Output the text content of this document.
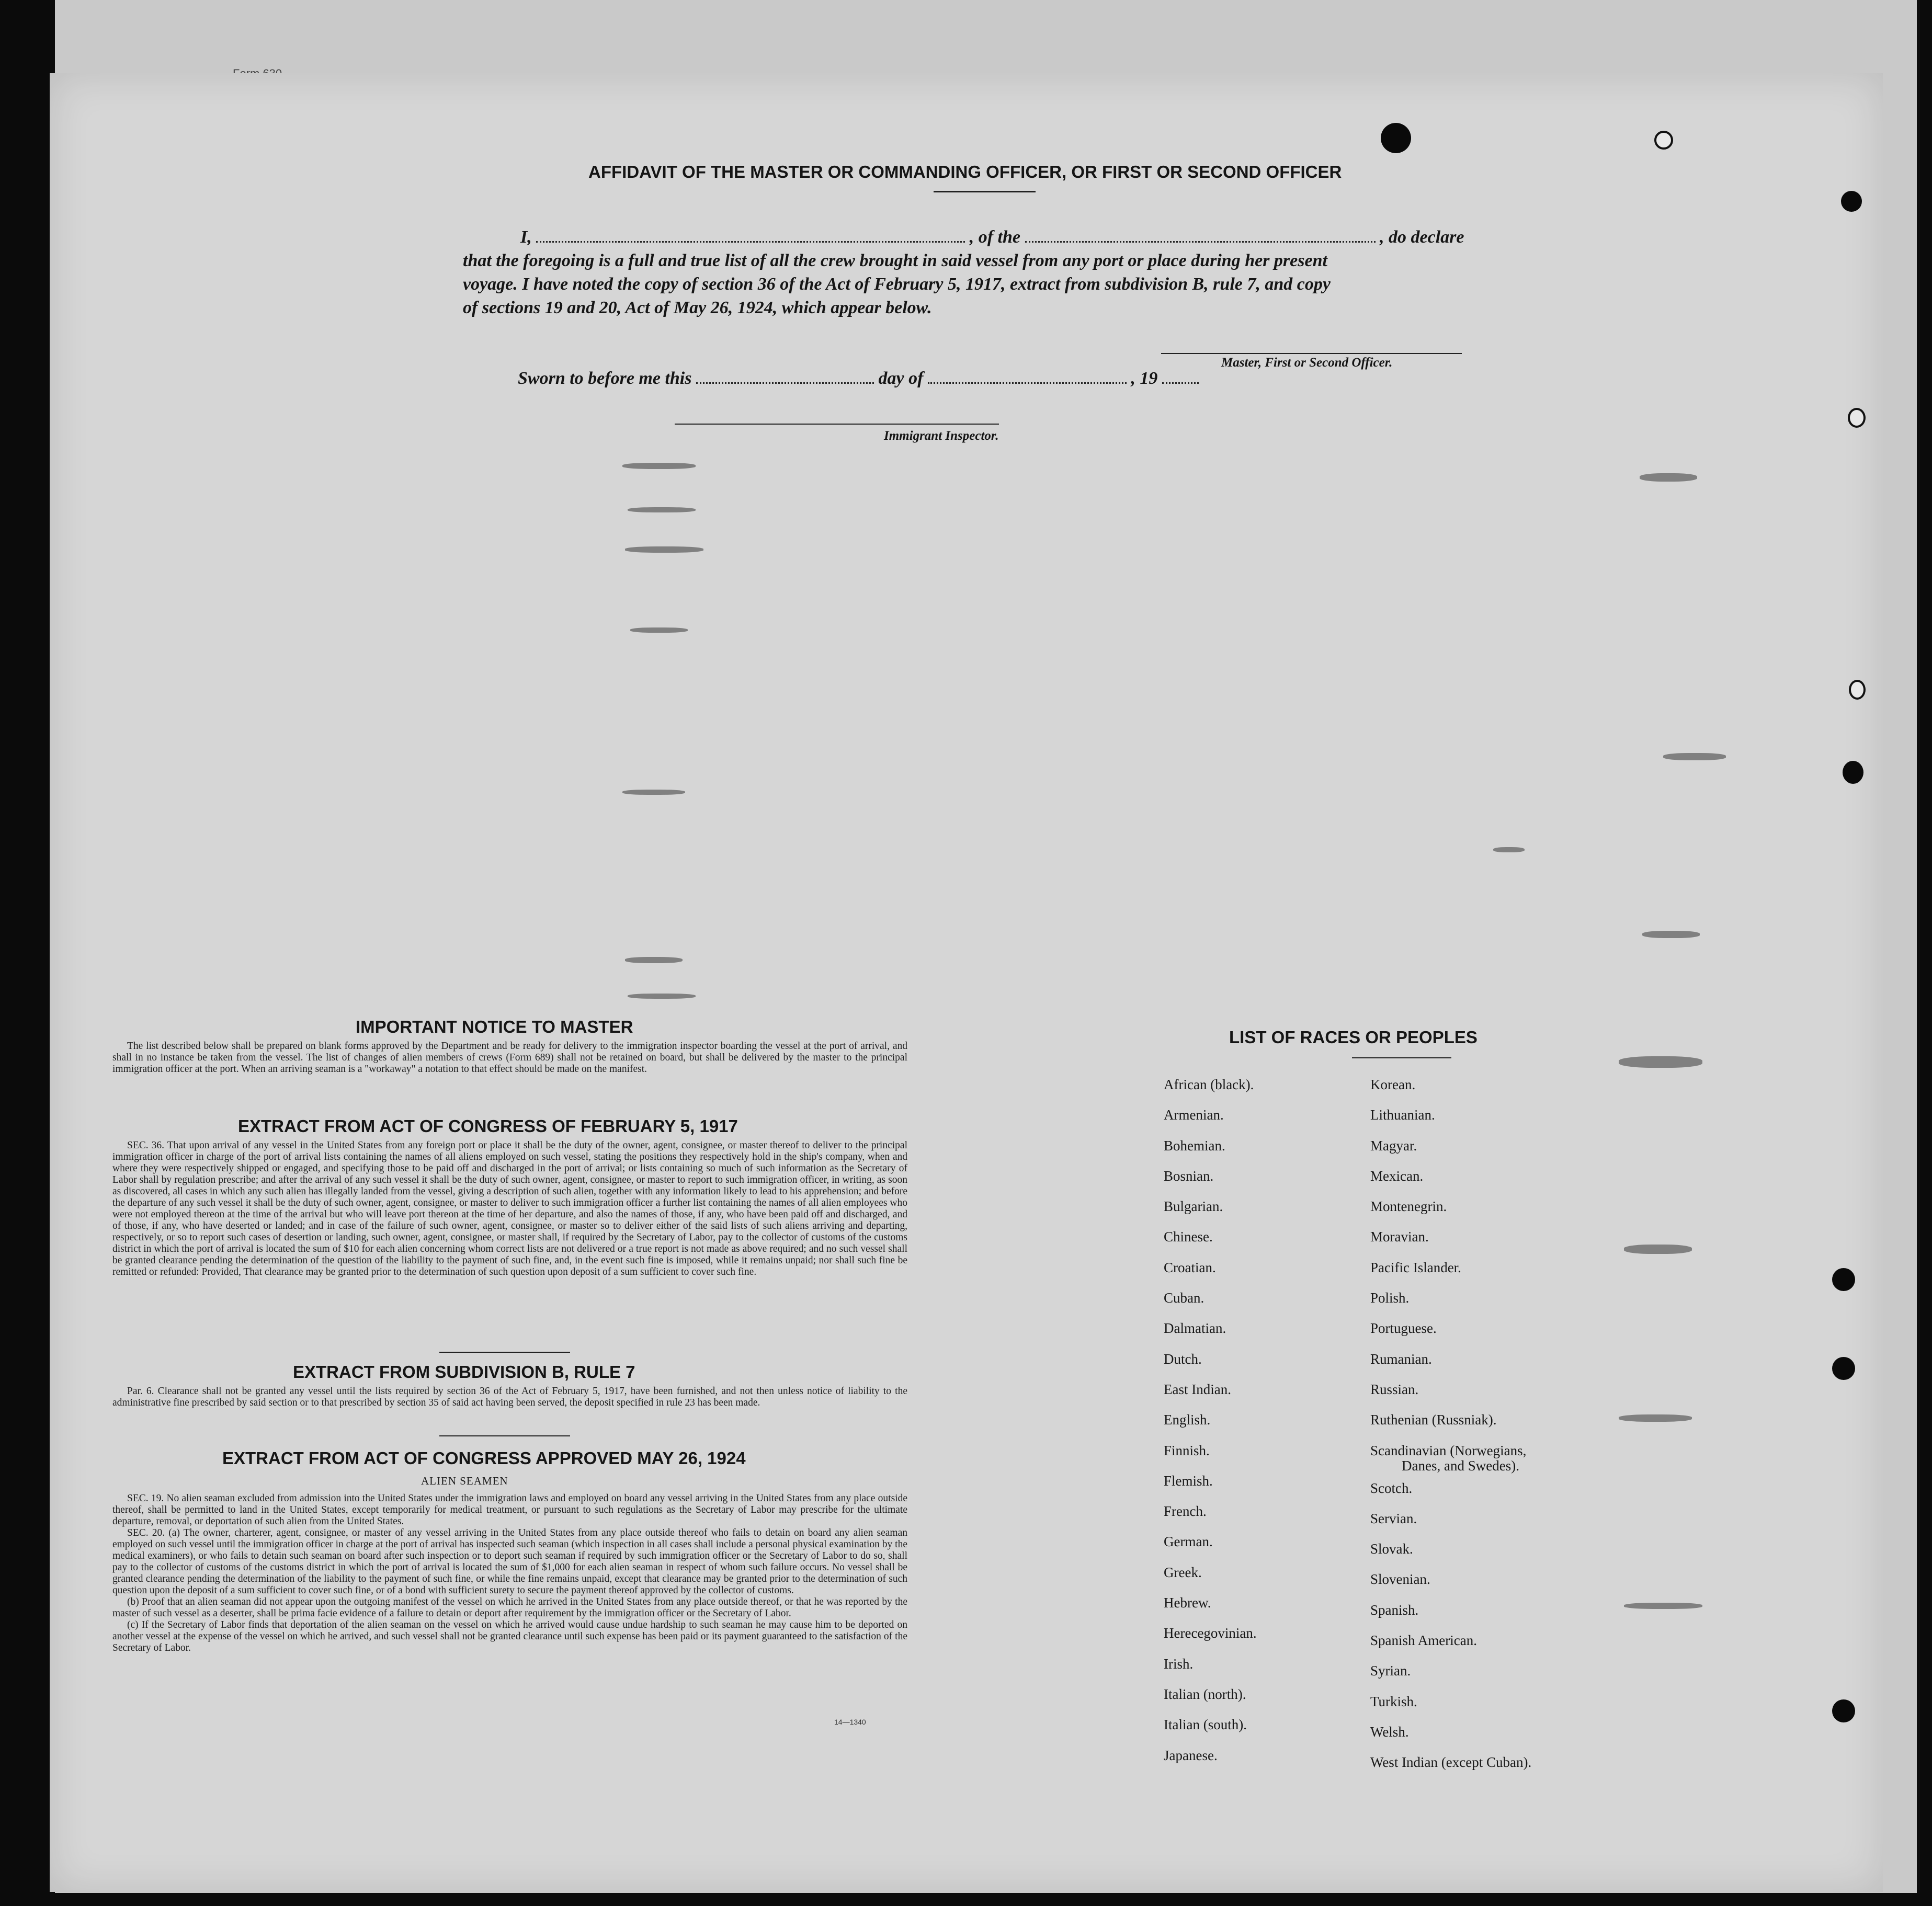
AFFIDAVIT OF THE MASTER OR COMMANDING OFFICER, OR FIRST OR SECOND OFFICER
I,	, of the	, do declare
that the foregoing is a full and true list of all the crew brought in said vessel from any port or place during her present
voyage. I have noted the copy of section 36 of the Act of February 5, 1917, extract from subdivision B, rule 7, and copy
of sections 19 and 20, Act of May 26, 1924, which appear below.
Master, First or Second Officer.
Sworn to before me this	day of	, 19
Immigrant Inspector.
IMPORTANT NOTICE TO MASTER

The list described below shall be prepared on blank forms approved by the Department and be ready for delivery to the immigration inspector boarding the vessel at the port of arrival, and shall in no instance be taken from the vessel. The list of changes of alien members of crews (Form 689) shall not be retained on board, but shall be delivered by the master to the principal immigration officer at the port. When an arriving seaman is a "workaway" a notation to that effect should be made on the manifest.

EXTRACT FROM ACT OF CONGRESS OF FEBRUARY 5, 1917

SEC. 36. That upon arrival of any vessel in the United States from any foreign port or place it shall be the duty of the owner, agent, consignee, or master thereof to deliver to the principal immigration officer in charge of the port of arrival lists containing the names of all aliens employed on such vessel, stating the positions they respectively hold in the ship's company, when and where they were respectively shipped or engaged, and specifying those to be paid off and discharged in the port of arrival; or lists containing so much of such information as the Secretary of Labor shall by regulation prescribe; and after the arrival of any such vessel it shall be the duty of such owner, agent, consignee, or master to report to such immigration officer, in writing, as soon as discovered, all cases in which any such alien has illegally landed from the vessel, giving a description of such alien, together with any information likely to lead to his apprehension; and before the departure of any such vessel it shall be the duty of such owner, agent, consignee, or master to deliver to such immigration officer a further list containing the names of all alien employees who were not employed thereon at the time of the arrival but who will leave port thereon at the time of her departure, and also the names of those, if any, who have been paid off and discharged, and of those, if any, who have deserted or landed; and in case of the failure of such owner, agent, consignee, or master so to deliver either of the said lists of such aliens arriving and departing, respectively, or so to report such cases of desertion or landing, such owner, agent, consignee, or master shall, if required by the Secretary of Labor, pay to the collector of customs of the customs district in which the port of arrival is located the sum of $10 for each alien concerning whom correct lists are not delivered or a true report is not made as above required; and no such vessel shall be granted clearance pending the determination of the question of the liability to the payment of such fine, and, in the event such fine is imposed, while it remains unpaid; nor shall such fine be remitted or refunded: Provided, That clearance may be granted prior to the determination of such question upon deposit of a sum sufficient to cover such fine.

EXTRACT FROM SUBDIVISION B, RULE 7

Par. 6. Clearance shall not be granted any vessel until the lists required by section 36 of the Act of February 5, 1917, have been furnished, and not then unless notice of liability to the administrative fine prescribed by said section or to that prescribed by section 35 of said act having been served, the deposit specified in rule 23 has been made.

EXTRACT FROM ACT OF CONGRESS APPROVED MAY 26, 1924
ALIEN SEAMEN

SEC. 19. No alien seaman excluded from admission into the United States under the immigration laws and employed on board any vessel arriving in the United States from any place outside thereof, shall be permitted to land in the United States, except temporarily for medical treatment, or pursuant to such regulations as the Secretary of Labor may prescribe for the ultimate departure, removal, or deportation of such alien from the United States.

SEC. 20. (a) The owner, charterer, agent, consignee, or master of any vessel arriving in the United States from any place outside thereof who fails to detain on board any alien seaman employed on such vessel until the immigration officer in charge at the port of arrival has inspected such seaman (which inspection in all cases shall include a personal physical examination by the medical examiners), or who fails to detain such seaman on board after such inspection or to deport such seaman if required by such immigration officer or the Secretary of Labor to do so, shall pay to the collector of customs of the customs district in which the port of arrival is located the sum of $1,000 for each alien seaman in respect of whom such failure occurs. No vessel shall be granted clearance pending the determination of the liability to the payment of such fine, or while the fine remains unpaid, except that clearance may be granted prior to the determination of such question upon the deposit of a sum sufficient to cover such fine, or of a bond with sufficient surety to secure the payment thereof approved by the collector of customs.

(b) Proof that an alien seaman did not appear upon the outgoing manifest of the vessel on which he arrived in the United States from any place outside thereof, or that he was reported by the master of such vessel as a deserter, shall be prima facie evidence of a failure to detain or deport after requirement by the immigration officer or the Secretary of Labor.

(c) If the Secretary of Labor finds that deportation of the alien seaman on the vessel on which he arrived would cause undue hardship to such seaman he may cause him to be deported on another vessel at the expense of the vessel on which he arrived, and such vessel shall not be granted clearance until such expense has been paid or its payment guaranteed to the satisfaction of the Secretary of Labor.

14—1340
LIST OF RACES OR PEOPLES
African (black).
Armenian.
Bohemian.
Bosnian.
Bulgarian.
Chinese.
Croatian.
Cuban.
Dalmatian.
Dutch.
East Indian.
English.
Finnish.
Flemish.
French.
German.
Greek.
Hebrew.
Herecegovinian.
Irish.
Italian (north).
Italian (south).
Japanese.
Korean.
Lithuanian.
Magyar.
Mexican.
Montenegrin.
Moravian.
Pacific Islander.
Polish.
Portuguese.
Rumanian.
Russian.
Ruthenian (Russniak).
Scandinavian (Norwegians,
Danes, and Swedes).
Scotch.
Servian.
Slovak.
Slovenian.
Spanish.
Spanish American.
Syrian.
Turkish.
Welsh.
West Indian (except Cuban).
